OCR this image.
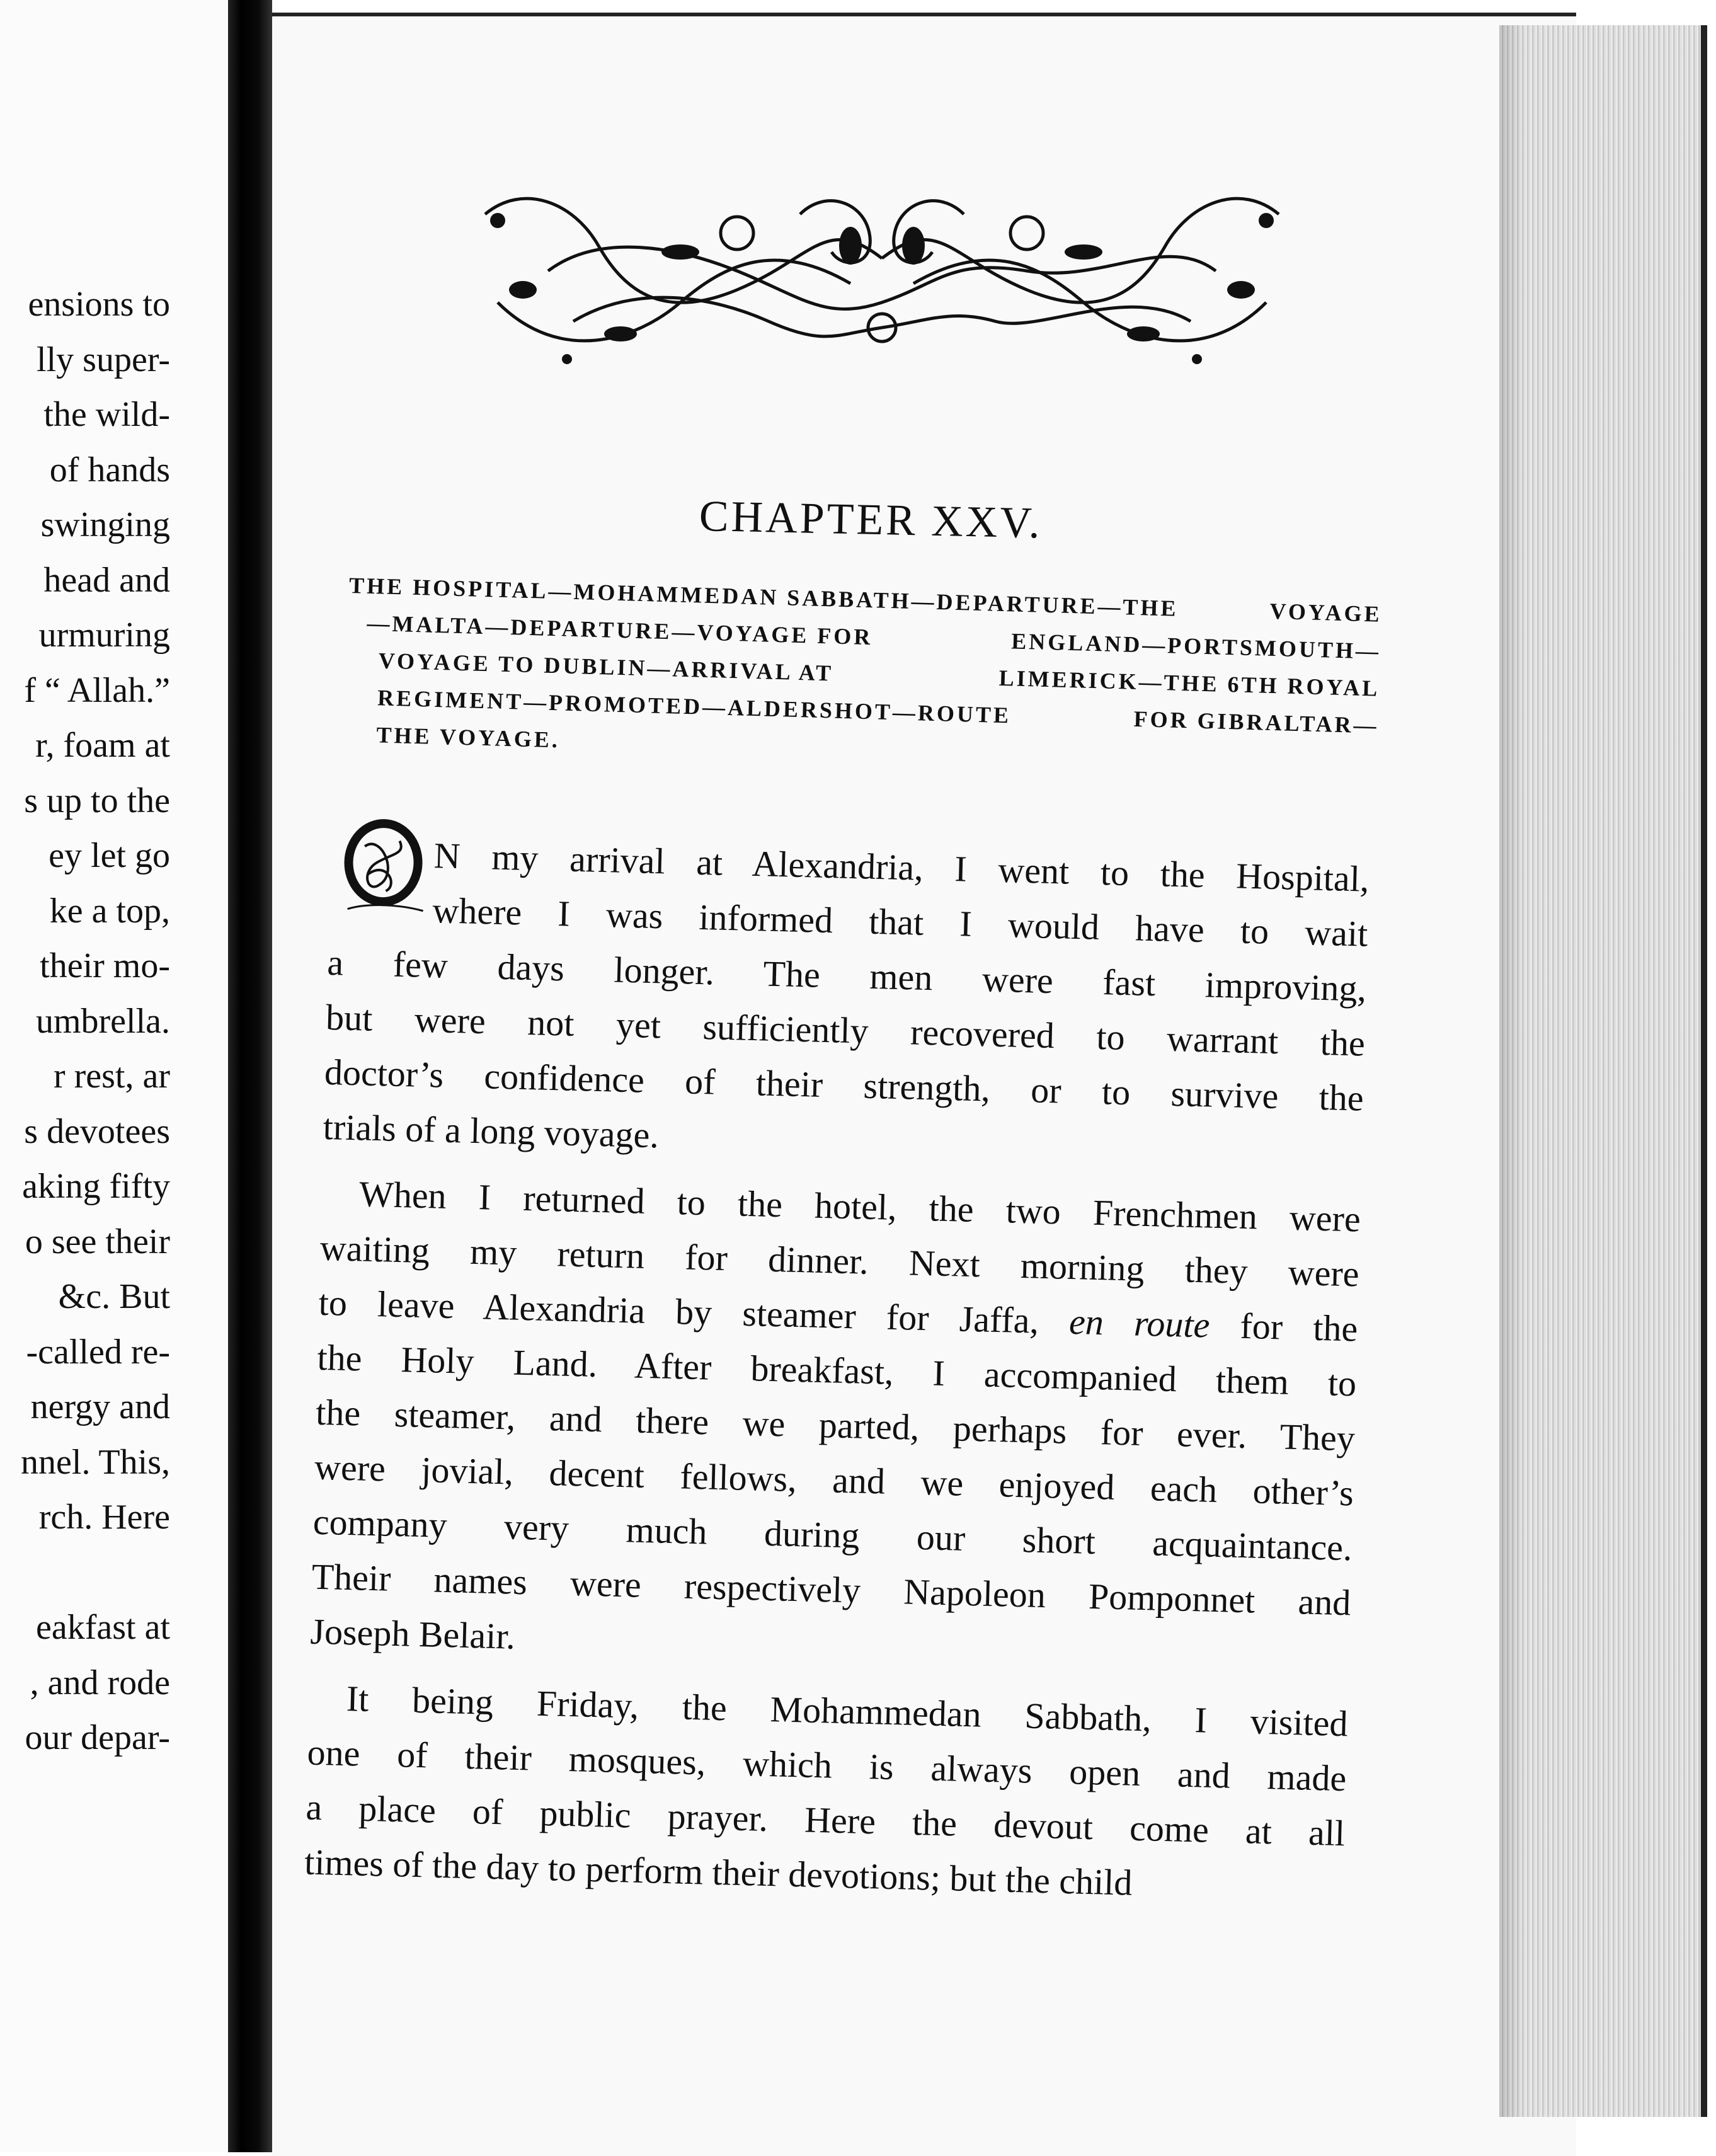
ensions to
lly super-
the wild-
of hands
swinging
head and
urmuring
f “ Allah.”
r, foam at
s up to the
ey let go
ke a top,
their mo-
umbrella.
r rest, ar
s devotees
aking fifty
o see their
&c. But
-called re-
nergy and
nnel. This,
rch. Here
eakfast at
, and rode
our depar-
CHAPTER XXV.
THE HOSPITAL—MOHAMMEDAN SABBATH—DEPARTURE—THE	VOYAGE
—MALTA—DEPARTURE—VOYAGE FOR	ENGLAND—PORTSMOUTH—
VOYAGE TO DUBLIN—ARRIVAL AT	LIMERICK—THE 6TH ROYAL
REGIMENT—PROMOTED—ALDERSHOT—ROUTE	FOR GIBRALTAR—
THE VOYAGE.
N my arrival at Alexandria, I went to the Hospital,
where I was informed that I would have to wait
a few days longer. The men were fast improving,
but were not yet sufficiently recovered to warrant the
doctor’s confidence of their strength, or to survive the
trials of a long voyage.
When I returned to the hotel, the two Frenchmen were
waiting my return for dinner. Next morning they were
to leave Alexandria by steamer for Jaffa, en route for the
the Holy Land. After breakfast, I accompanied them to
the steamer, and there we parted, perhaps for ever. They
were jovial, decent fellows, and we enjoyed each other’s
company very much during our short acquaintance.
Their names were respectively Napoleon Pomponnet and
Joseph Belair.
It being Friday, the Mohammedan Sabbath, I visited
one of their mosques, which is always open and made
a place of public prayer. Here the devout come at all
times of the day to perform their devotions; but the child
